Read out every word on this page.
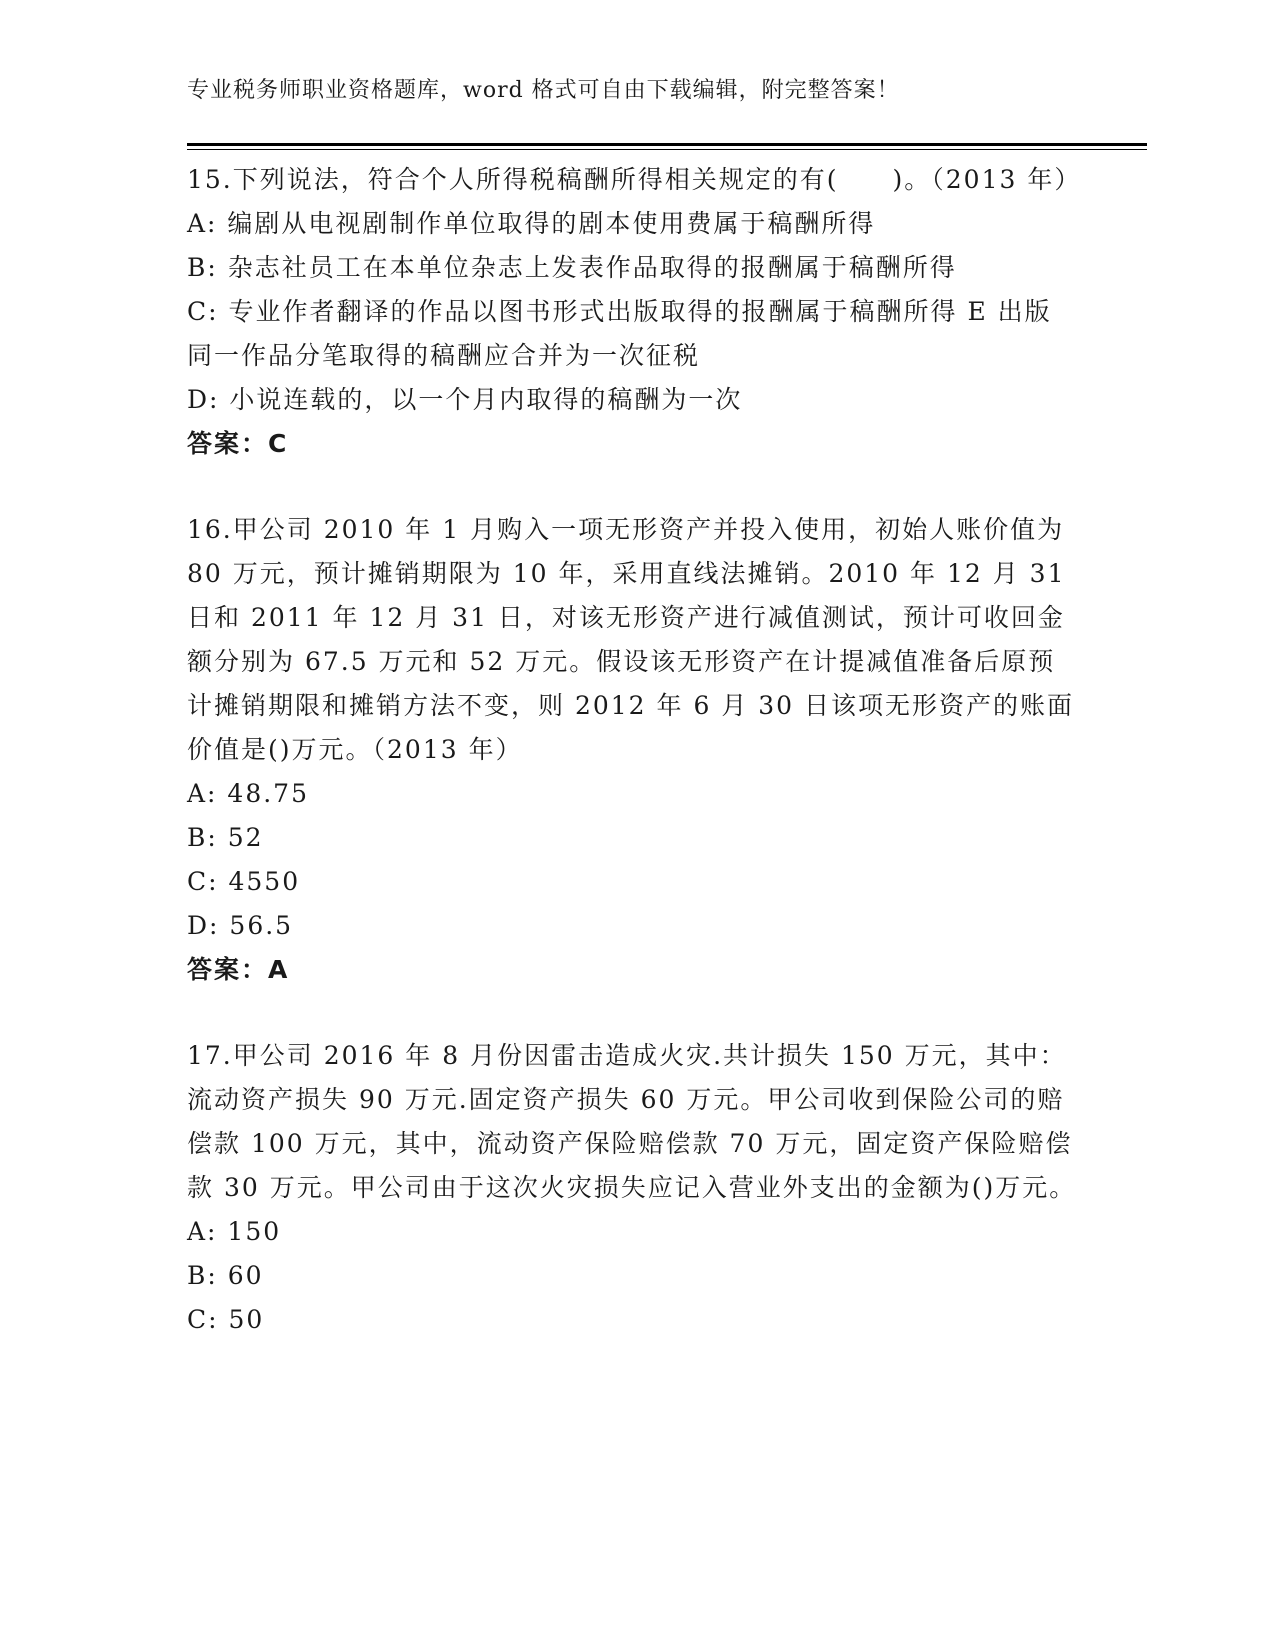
专业税务师职业资格题库，word 格式可自由下载编辑，附完整答案！

15.下列说法，符合个人所得税稿酬所得相关规定的有(　　)。（2013 年）

A: 编剧从电视剧制作单位取得的剧本使用费属于稿酬所得

B: 杂志社员工在本单位杂志上发表作品取得的报酬属于稿酬所得

C: 专业作者翻译的作品以图书形式出版取得的报酬属于稿酬所得 E 出版同一作品分笔取得的稿酬应合并为一次征税

D: 小说连载的，以一个月内取得的稿酬为一次

答案：C

16.甲公司 2010 年 1 月购入一项无形资产并投入使用，初始人账价值为 80 万元，预计摊销期限为 10 年，采用直线法摊销。2010 年 12 月 31 日和 2011 年 12 月 31 日，对该无形资产进行减值测试，预计可收回金额分别为 67.5 万元和 52 万元。假设该无形资产在计提减值准备后原预计摊销期限和摊销方法不变，则 2012 年 6 月 30 日该项无形资产的账面价值是()万元。（2013 年）

A: 48.75

B: 52

C: 4550

D: 56.5

答案：A

17.甲公司 2016 年 8 月份因雷击造成火灾.共计损失 150 万元，其中：流动资产损失 90 万元.固定资产损失 60 万元。甲公司收到保险公司的赔偿款 100 万元，其中，流动资产保险赔偿款 70 万元，固定资产保险赔偿款 30 万元。甲公司由于这次火灾损失应记入营业外支出的金额为()万元。

A: 150

B: 60

C: 50
